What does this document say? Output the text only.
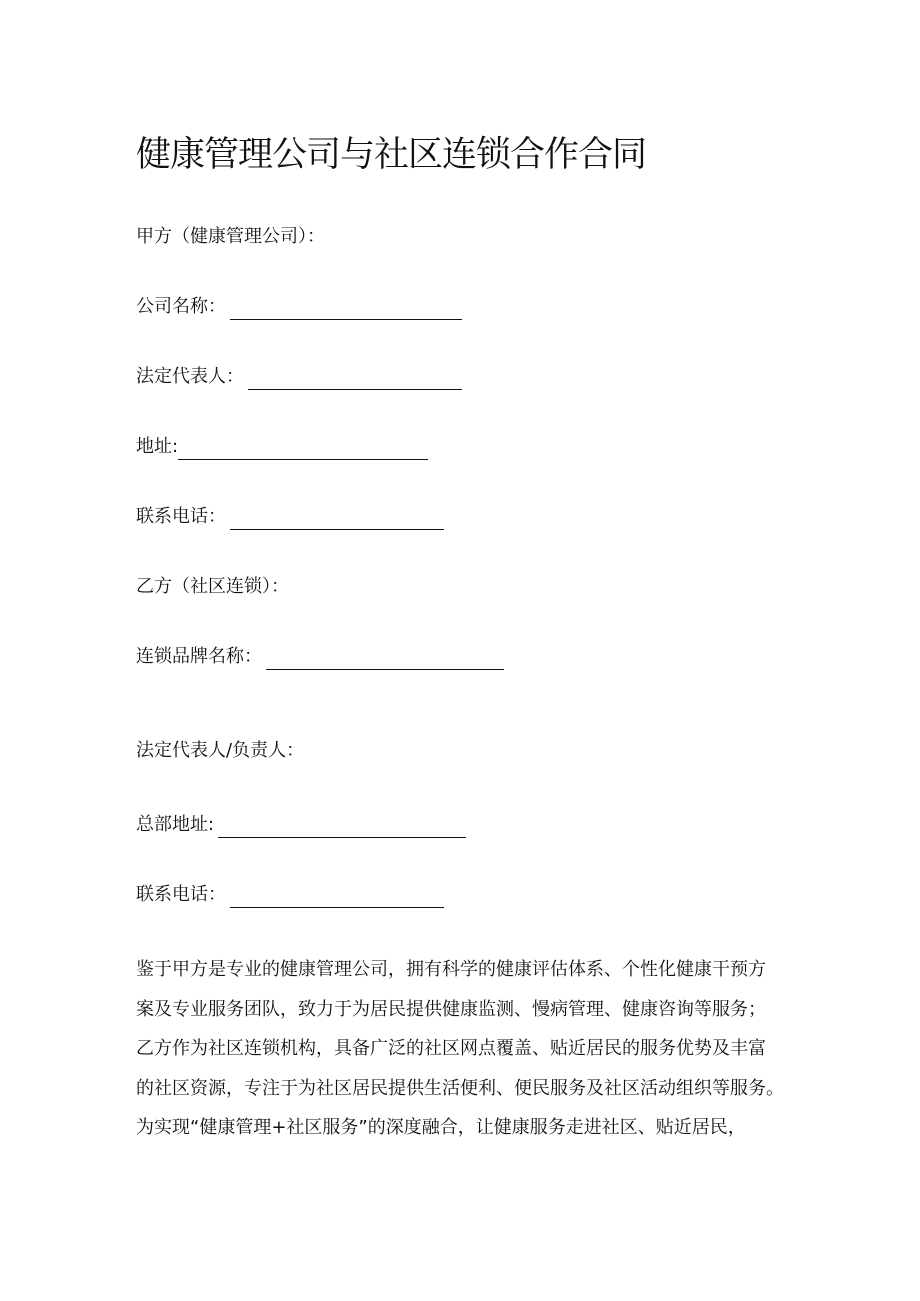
健康管理公司与社区连锁合作合同
甲方（健康管理公司）：
公司名称：
法定代表人：
地址:
联系电话：
乙方（社区连锁）：
连锁品牌名称：
法定代表人/负责人：
总部地址:
联系电话：
鉴于甲方是专业的健康管理公司，拥有科学的健康评估体系、个性化健康干预方
案及专业服务团队，致力于为居民提供健康监测、慢病管理、健康咨询等服务；
乙方作为社区连锁机构，具备广泛的社区网点覆盖、贴近居民的服务优势及丰富
的社区资源，专注于为社区居民提供生活便利、便民服务及社区活动组织等服务。
为实现“健康管理+社区服务”的深度融合，让健康服务走进社区、贴近居民，
